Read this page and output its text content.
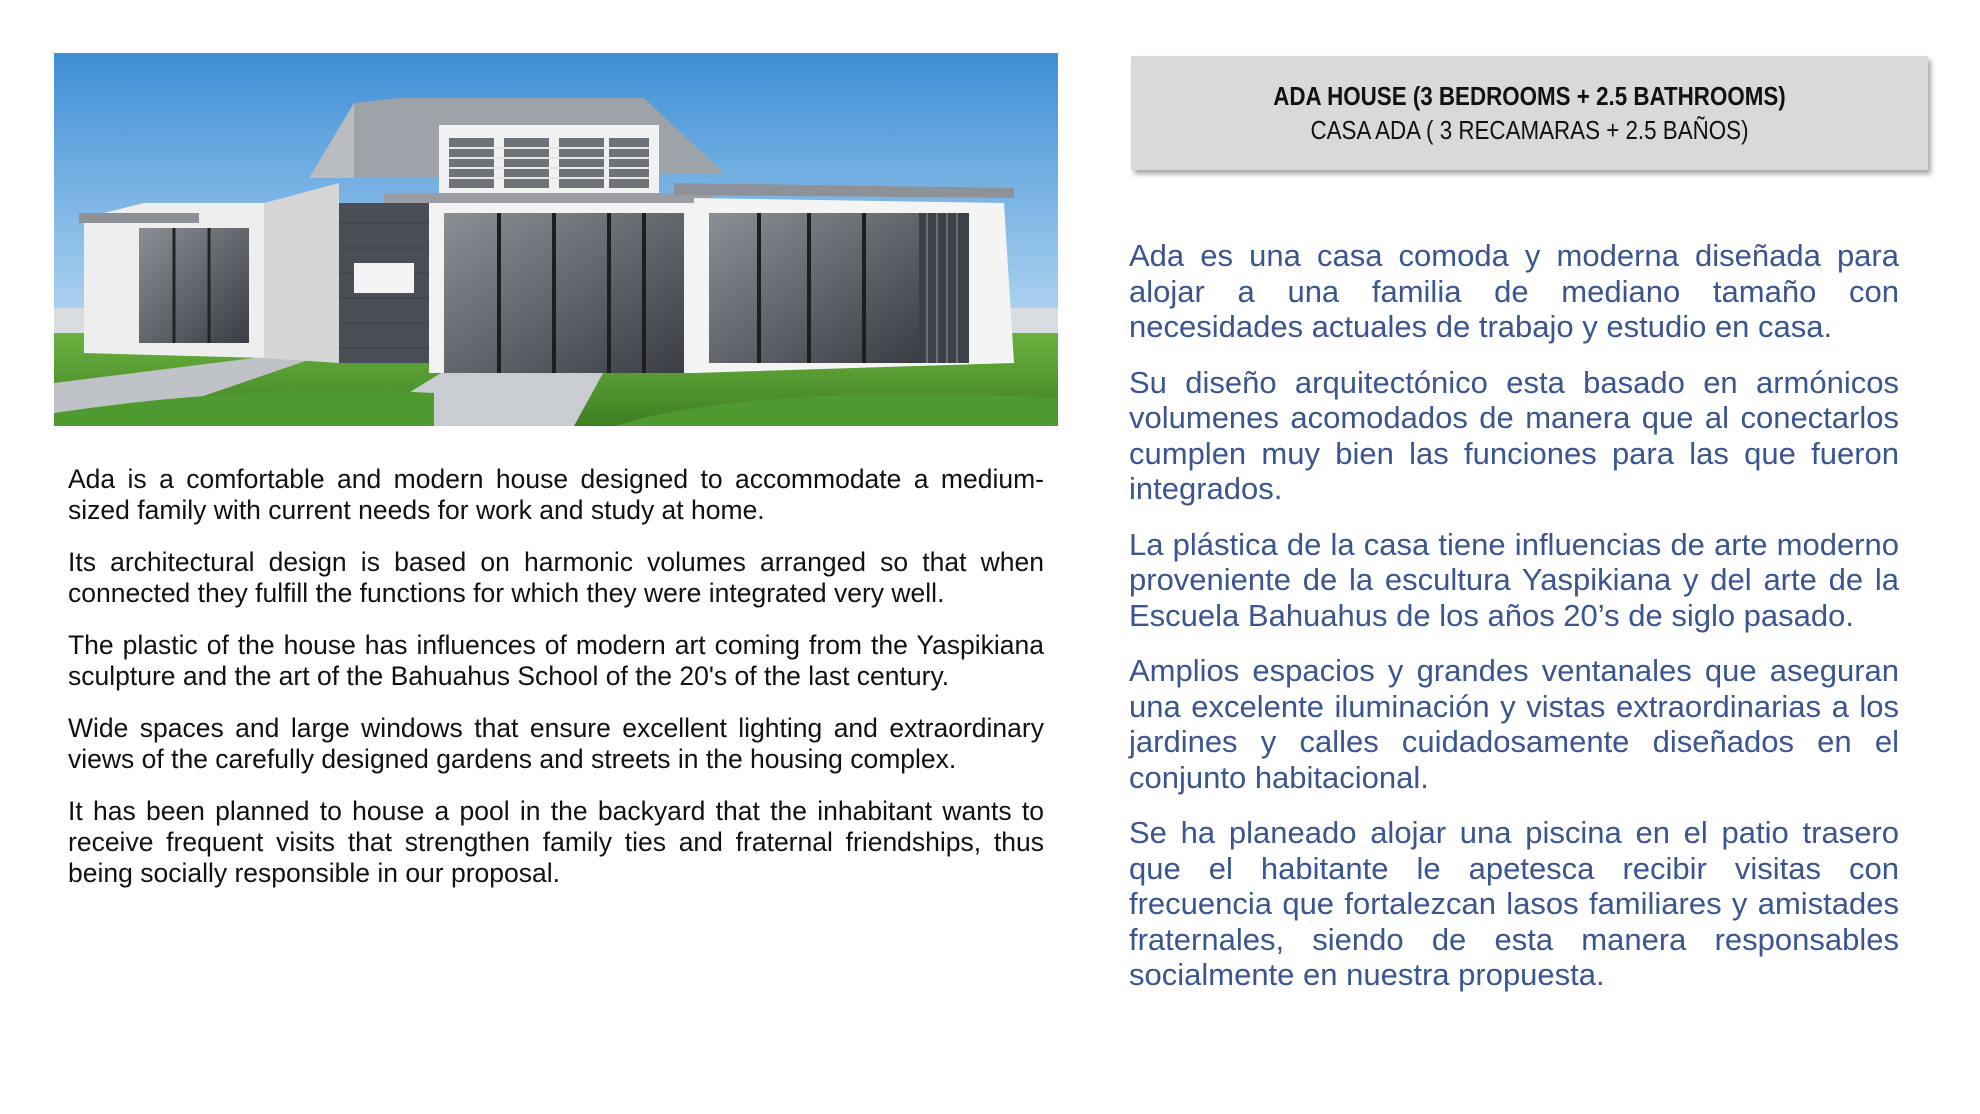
Ada is a comfortable and modern house designed to accommodate a medium-sized family with current needs for work and study at home.

Its architectural design is based on harmonic volumes arranged so that when connected they fulfill the functions for which they were integrated very well.

The plastic of the house has influences of modern art coming from the Yaspikiana sculpture and the art of the Bahuahus School of the 20's of the last century.

Wide spaces and large windows that ensure excellent lighting and extraordinary views of the carefully designed gardens and streets in the housing complex.

It has been planned to house a pool in the backyard that the inhabitant wants to receive frequent visits that strengthen family ties and fraternal friendships, thus being socially responsible in our proposal.

ADA HOUSE (3 BEDROOMS + 2.5 BATHROOMS)
CASA ADA ( 3 RECAMARAS + 2.5 BAÑOS)

Ada es una casa comoda y moderna diseñada para alojar a una familia de mediano tamaño con necesidades actuales de trabajo y estudio en casa.

Su diseño arquitectónico esta basado en armónicos volumenes acomodados de manera que al conectarlos cumplen muy bien las funciones para las que fueron integrados.

La plástica de la casa tiene influencias de arte moderno proveniente de la escultura Yaspikiana y del arte de la Escuela Bahuahus de los años 20’s de siglo pasado.

Amplios espacios y grandes ventanales que aseguran una excelente iluminación y vistas extraordinarias a los jardines y calles cuidadosamente diseñados en el conjunto habitacional.

Se ha planeado alojar una piscina en el patio trasero que el habitante le apetesca recibir visitas con frecuencia que fortalezcan lasos familiares y amistades fraternales, siendo de esta manera responsables socialmente en nuestra propuesta.
